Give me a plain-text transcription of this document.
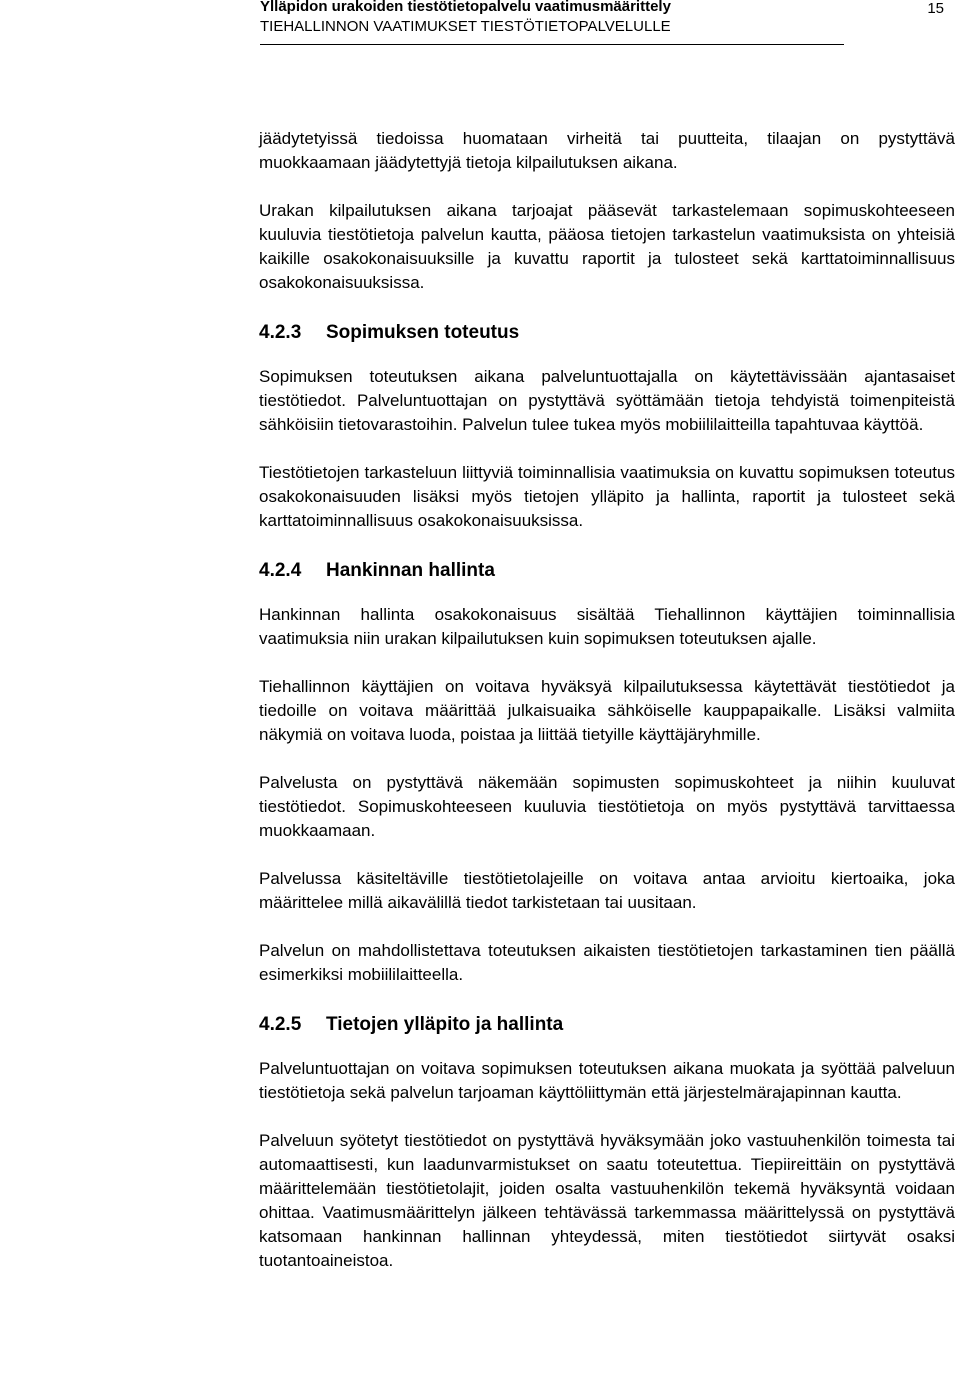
Ylläpidon urakoiden tiestötietopalvelu vaatimusmäärittely
TIEHALLINNON VAATIMUKSET TIESTÖTIETOPALVELULLE
15

jäädytetyissä tiedoissa huomataan virheitä tai puutteita, tilaajan on pystyttävä muokkaamaan jäädytettyjä tietoja kilpailutuksen aikana.

Urakan kilpailutuksen aikana tarjoajat pääsevät tarkastelemaan sopimuskohteeseen kuuluvia tiestötietoja palvelun kautta, pääosa tietojen tarkastelun vaatimuksista on yhteisiä kaikille osakokonaisuuksille ja kuvattu raportit ja tulosteet sekä karttatoiminnallisuus osakokonaisuuksissa.

4.2.3	Sopimuksen toteutus

Sopimuksen toteutuksen aikana palveluntuottajalla on käytettävissään ajantasaiset tiestötiedot. Palveluntuottajan on pystyttävä syöttämään tietoja tehdyistä toimenpiteistä sähköisiin tietovarastoihin. Palvelun tulee tukea myös mobiililaitteilla tapahtuvaa käyttöä.

Tiestötietojen tarkasteluun liittyviä toiminnallisia vaatimuksia on kuvattu sopimuksen toteutus osakokonaisuuden lisäksi myös tietojen ylläpito ja hallinta, raportit ja tulosteet sekä karttatoiminnallisuus osakokonaisuuksissa.

4.2.4	Hankinnan hallinta

Hankinnan hallinta osakokonaisuus sisältää Tiehallinnon käyttäjien toiminnallisia vaatimuksia niin urakan kilpailutuksen kuin sopimuksen toteutuksen ajalle.

Tiehallinnon käyttäjien on voitava hyväksyä kilpailutuksessa käytettävät tiestötiedot ja tiedoille on voitava määrittää julkaisuaika sähköiselle kauppapaikalle. Lisäksi valmiita näkymiä on voitava luoda, poistaa ja liittää tietyille käyttäjäryhmille.

Palvelusta on pystyttävä näkemään sopimusten sopimuskohteet ja niihin kuuluvat tiestötiedot. Sopimuskohteeseen kuuluvia tiestötietoja on myös pystyttävä tarvittaessa muokkaamaan.

Palvelussa käsiteltäville tiestötietolajeille on voitava antaa arvioitu kiertoaika, joka määrittelee millä aikavälillä tiedot tarkistetaan tai uusitaan.

Palvelun on mahdollistettava toteutuksen aikaisten tiestötietojen tarkastaminen tien päällä esimerkiksi mobiililaitteella.

4.2.5	Tietojen ylläpito ja hallinta

Palveluntuottajan on voitava sopimuksen toteutuksen aikana muokata ja syöttää palveluun tiestötietoja sekä palvelun tarjoaman käyttöliittymän että järjestelmärajapinnan kautta.

Palveluun syötetyt tiestötiedot on pystyttävä hyväksymään joko vastuuhenkilön toimesta tai automaattisesti, kun laadunvarmistukset on saatu toteutettua. Tiepiireittäin on pystyttävä määrittelemään tiestötietolajit, joiden osalta vastuuhenkilön tekemä hyväksyntä voidaan ohittaa. Vaatimusmäärittelyn jälkeen tehtävässä tarkemmassa määrittelyssä on pystyttävä katsomaan hankinnan hallinnan yhteydessä, miten tiestötiedot siirtyvät osaksi tuotantoaineistoa.
